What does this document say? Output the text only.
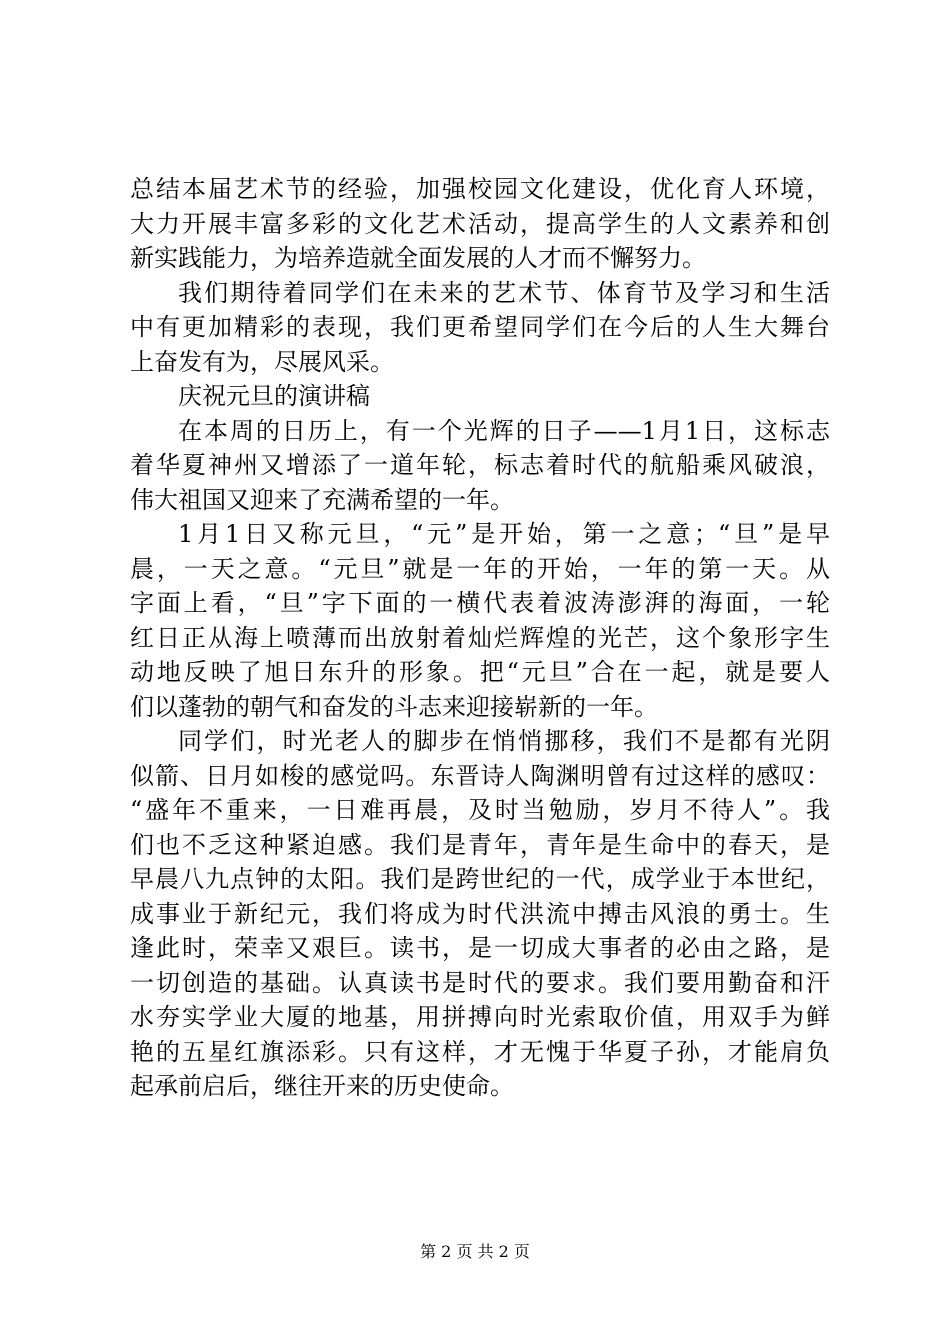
总结本届艺术节的经验，加强校园文化建设，优化育人环境，
大力开展丰富多彩的文化艺术活动，提高学生的人文素养和创
新实践能力，为培养造就全面发展的人才而不懈努力。
我们期待着同学们在未来的艺术节、体育节及学习和生活
中有更加精彩的表现，我们更希望同学们在今后的人生大舞台
上奋发有为，尽展风采。
庆祝元旦的演讲稿
在本周的日历上，有一个光辉的日子——1月1日，这标志
着华夏神州又增添了一道年轮，标志着时代的航船乘风破浪，
伟大祖国又迎来了充满希望的一年。
1月1日又称元旦，“元”是开始，第一之意；“旦”是早
晨，一天之意。“元旦”就是一年的开始，一年的第一天。从
字面上看，“旦”字下面的一横代表着波涛澎湃的海面，一轮
红日正从海上喷薄而出放射着灿烂辉煌的光芒，这个象形字生
动地反映了旭日东升的形象。把“元旦”合在一起，就是要人
们以蓬勃的朝气和奋发的斗志来迎接崭新的一年。
同学们，时光老人的脚步在悄悄挪移，我们不是都有光阴
似箭、日月如梭的感觉吗。东晋诗人陶渊明曾有过这样的感叹：
“盛年不重来，一日难再晨，及时当勉励，岁月不待人”。我
们也不乏这种紧迫感。我们是青年，青年是生命中的春天，是
早晨八九点钟的太阳。我们是跨世纪的一代，成学业于本世纪，
成事业于新纪元，我们将成为时代洪流中搏击风浪的勇士。生
逢此时，荣幸又艰巨。读书，是一切成大事者的必由之路，是
一切创造的基础。认真读书是时代的要求。我们要用勤奋和汗
水夯实学业大厦的地基，用拼搏向时光索取价值，用双手为鲜
艳的五星红旗添彩。只有这样，才无愧于华夏子孙，才能肩负
起承前启后，继往开来的历史使命。
第 2 页 共 2 页
